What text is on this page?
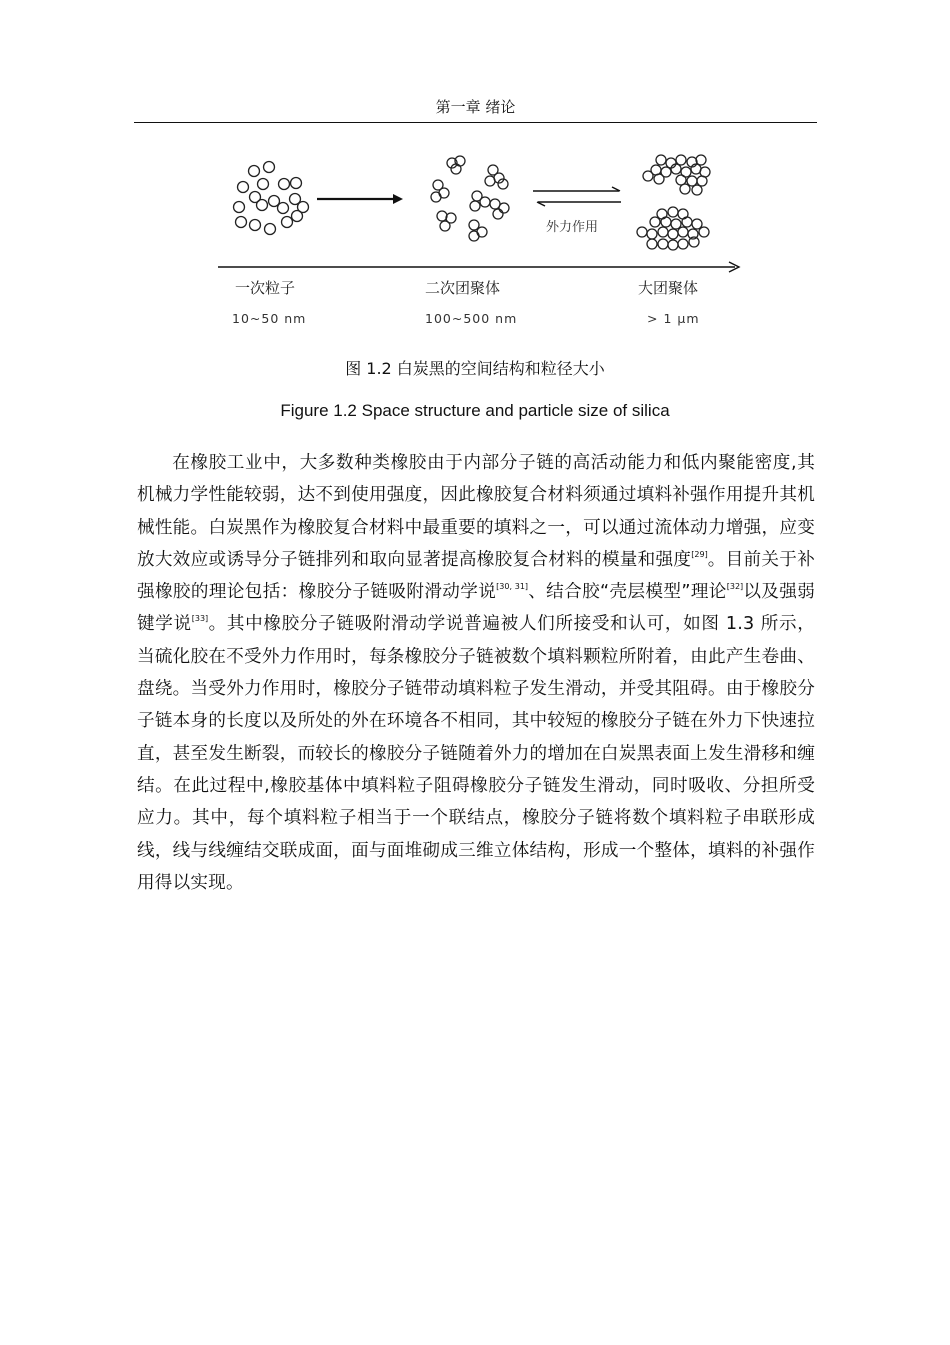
第一章 绪论
外力作用
一次粒子	二次团聚体	大团聚体
10~50 nm	100~500 nm	> 1 μm
图 1.2 白炭黑的空间结构和粒径大小
Figure 1.2 Space structure and particle size of silica

在橡胶工业中，大多数种类橡胶由于内部分子链的高活动能力和低内聚能密度,其机械力学性能较弱，达不到使用强度，因此橡胶复合材料须通过填料补强作用提升其机械性能。白炭黑作为橡胶复合材料中最重要的填料之一，可以通过流体动力增强，应变放大效应或诱导分子链排列和取向显著提高橡胶复合材料的模量和强度[29]。目前关于补强橡胶的理论包括：橡胶分子链吸附滑动学说[30, 31]、结合胶“壳层模型”理论[32]以及强弱键学说[33]。其中橡胶分子链吸附滑动学说普遍被人们所接受和认可，如图 1.3 所示，当硫化胶在不受外力作用时，每条橡胶分子链被数个填料颗粒所附着，由此产生卷曲、盘绕。当受外力作用时，橡胶分子链带动填料粒子发生滑动，并受其阻碍。由于橡胶分子链本身的长度以及所处的外在环境各不相同，其中较短的橡胶分子链在外力下快速拉直，甚至发生断裂，而较长的橡胶分子链随着外力的增加在白炭黑表面上发生滑移和缠结。在此过程中,橡胶基体中填料粒子阻碍橡胶分子链发生滑动，同时吸收、分担所受应力。其中，每个填料粒子相当于一个联结点，橡胶分子链将数个填料粒子串联形成线，线与线缠结交联成面，面与面堆砌成三维立体结构，形成一个整体，填料的补强作用得以实现。
